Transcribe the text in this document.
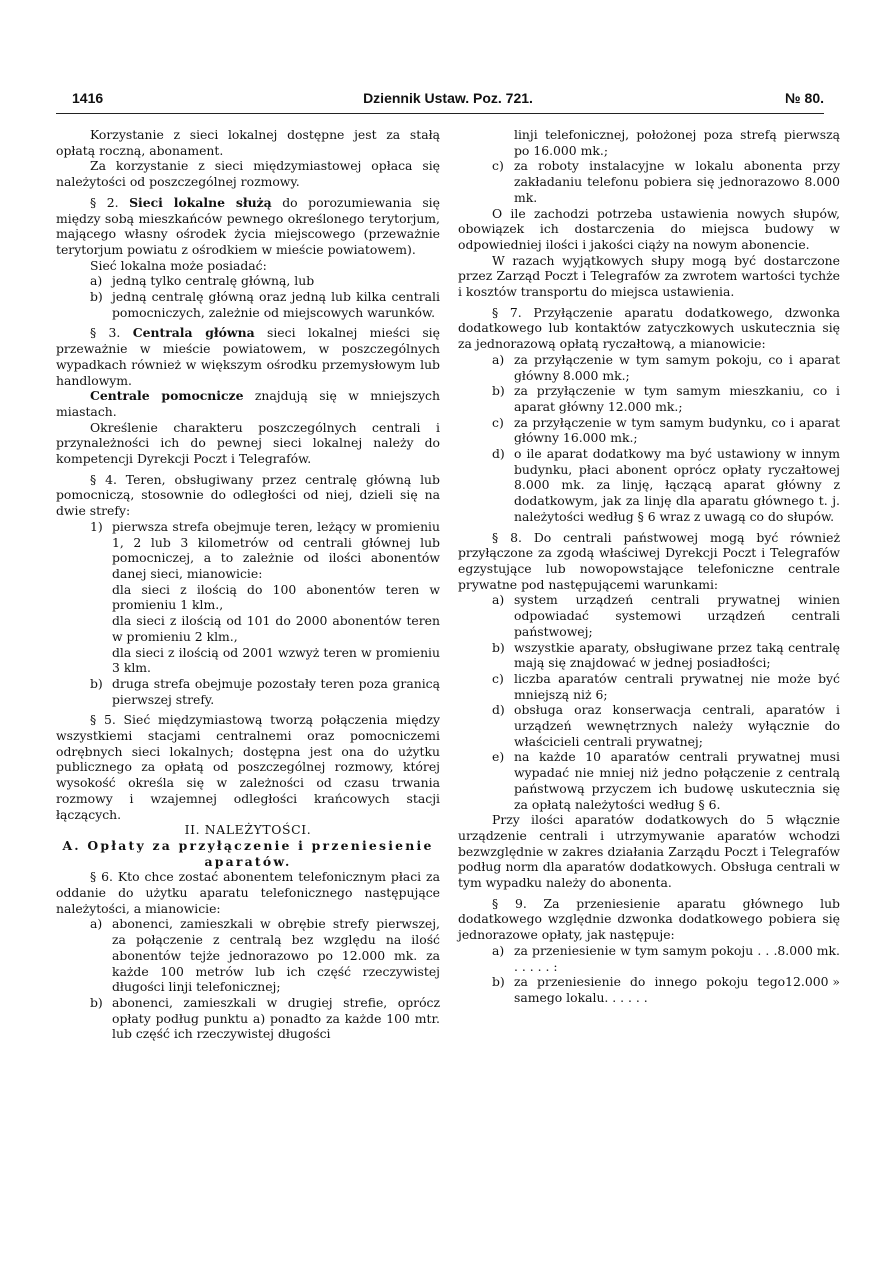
1416	Dziennik Ustaw. Poz. 721.	№ 80.

Korzystanie z sieci lokalnej dostępne jest za stałą opłatą roczną, abonament.

Za korzystanie z sieci międzymiastowej opłaca się należytości od poszczególnej rozmowy.

§ 2. Sieci lokalne służą do porozumiewania się między sobą mieszkańców pewnego określonego terytorjum, mającego własny ośrodek życia miejscowego (przeważnie terytorjum powiatu z ośrodkiem w mieście powiatowem).

Sieć lokalna może posiadać:

a) jedną tylko centralę główną, lub
b) jedną centralę główną oraz jedną lub kilka centrali pomocniczych, zależnie od miejscowych warunków.

§ 3. Centrala główna sieci lokalnej mieści się przeważnie w mieście powiatowem, w poszczególnych wypadkach również w większym ośrodku przemysłowym lub handlowym.

Centrale pomocnicze znajdują się w mniejszych miastach.

Określenie charakteru poszczególnych centrali i przynależności ich do pewnej sieci lokalnej należy do kompetencji Dyrekcji Poczt i Telegrafów.

§ 4. Teren, obsługiwany przez centralę główną lub pomocniczą, stosownie do odległości od niej, dzieli się na dwie strefy:

1) pierwsza strefa obejmuje teren, leżący w promieniu 1, 2 lub 3 kilometrów od centrali głównej lub pomocniczej, a to zależnie od ilości abonentów danej sieci, mianowicie:
dla sieci z ilością do 100 abonentów teren w promieniu 1 klm.,
dla sieci z ilością od 101 do 2000 abonentów teren w promieniu 2 klm.,
dla sieci z ilością od 2001 wzwyż teren w promieniu 3 klm.
b) druga strefa obejmuje pozostały teren poza granicą pierwszej strefy.

§ 5. Sieć międzymiastową tworzą połączenia między wszystkiemi stacjami centralnemi oraz pomocniczemi odrębnych sieci lokalnych; dostępna jest ona do użytku publicznego za opłatą od poszczególnej rozmowy, której wysokość określa się w zależności od czasu trwania rozmowy i wzajemnej odległości krańcowych stacji łączących.

II. NALEŻYTOŚCI.

A. Opłaty za przyłączenie i przeniesienie aparatów.

§ 6. Kto chce zostać abonentem telefonicznym płaci za oddanie do użytku aparatu telefonicznego następujące należytości, a mianowicie:

a) abonenci, zamieszkali w obrębie strefy pierwszej, za połączenie z centralą bez względu na ilość abonentów tejże jednorazowo po 12.000 mk. za każde 100 metrów lub ich część rzeczywistej długości linji telefonicznej;
b) abonenci, zamieszkali w drugiej strefie, oprócz opłaty podług punktu a) ponadto za każde 100 mtr. lub część ich rzeczywistej długości
linji telefonicznej, położonej poza strefą pierwszą po 16.000 mk.;
c) za roboty instalacyjne w lokalu abonenta przy zakładaniu telefonu pobiera się jednorazowo 8.000 mk.

O ile zachodzi potrzeba ustawienia nowych słupów, obowiązek ich dostarczenia do miejsca budowy w odpowiedniej ilości i jakości ciąży na nowym abonencie.

W razach wyjątkowych słupy mogą być dostarczone przez Zarząd Poczt i Telegrafów za zwrotem wartości tychże i kosztów transportu do miejsca ustawienia.

§ 7. Przyłączenie aparatu dodatkowego, dzwonka dodatkowego lub kontaktów zatyczkowych uskutecznia się za jednorazową opłatą ryczałtową, a mianowicie:

a) za przyłączenie w tym samym pokoju, co i aparat główny 8.000 mk.;
b) za przyłączenie w tym samym mieszkaniu, co i aparat główny 12.000 mk.;
c) za przyłączenie w tym samym budynku, co i aparat główny 16.000 mk.;
d) o ile aparat dodatkowy ma być ustawiony w innym budynku, płaci abonent oprócz opłaty ryczałtowej 8.000 mk. za linję, łączącą aparat główny z dodatkowym, jak za linję dla aparatu głównego t. j. należytości według § 6 wraz z uwagą co do słupów.

§ 8. Do centrali państwowej mogą być również przyłączone za zgodą właściwej Dyrekcji Poczt i Telegrafów egzystujące lub nowopowstające telefoniczne centrale prywatne pod następującemi warunkami:

a) system urządzeń centrali prywatnej winien odpowiadać systemowi urządzeń centrali państwowej;
b) wszystkie aparaty, obsługiwane przez taką centralę mają się znajdować w jednej posiadłości;
c) liczba aparatów centrali prywatnej nie może być mniejszą niż 6;
d) obsługa oraz konserwacja centrali, aparatów i urządzeń wewnętrznych należy wyłącznie do właścicieli centrali prywatnej;
e) na każde 10 aparatów centrali prywatnej musi wypadać nie mniej niż jedno połączenie z centralą państwową przyczem ich budowę uskutecznia się za opłatą należytości według § 6.

Przy ilości aparatów dodatkowych do 5 włącznie urządzenie centrali i utrzymywanie aparatów wchodzi bezwzględnie w zakres działania Zarządu Poczt i Telegrafów podług norm dla aparatów dodatkowych. Obsługa centrali w tym wypadku należy do abonenta.

§ 9. Za przeniesienie aparatu głównego lub dodatkowego względnie dzwonka dodatkowego pobiera się jednorazowe opłaty, jak następuje:

a) za przeniesienie w tym samym pokoju . . . . . . . . :
8.000 mk.
b) za przeniesienie do innego pokoju tego samego lokalu. . . . . .
12.000 »
